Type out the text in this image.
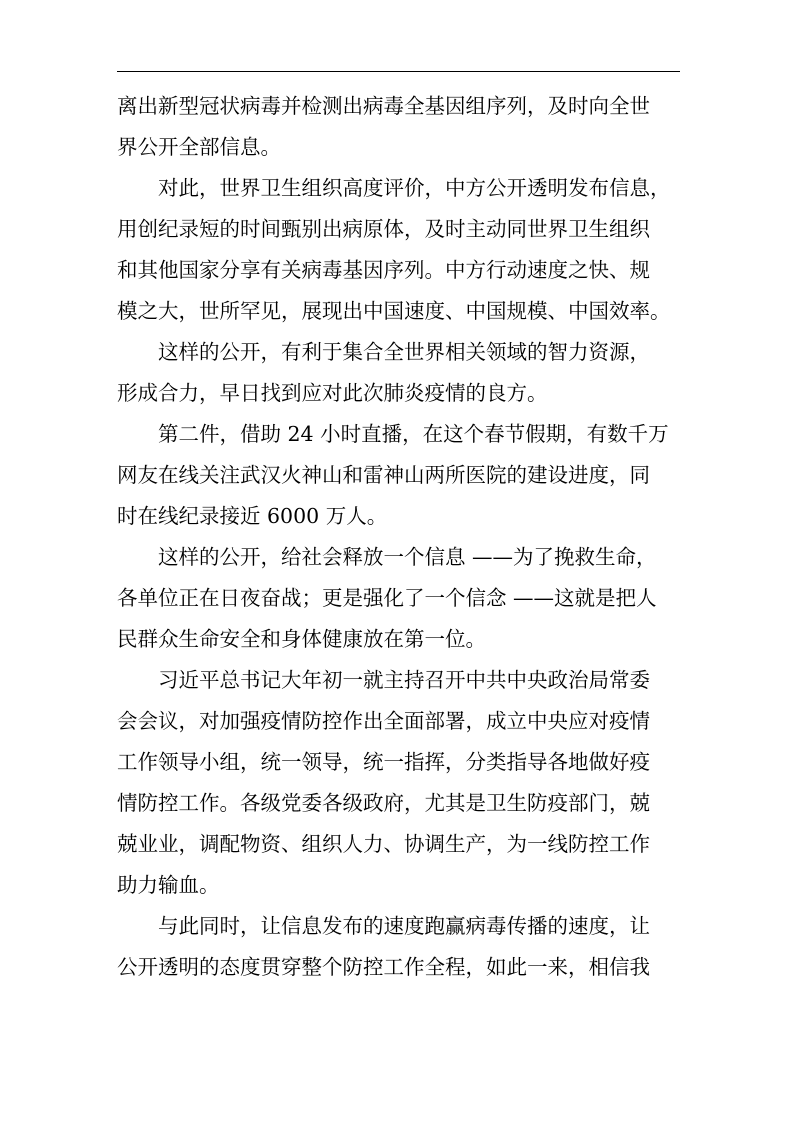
离出新型冠状病毒并检测出病毒全基因组序列，及时向全世
界公开全部信息。
对此，世界卫生组织高度评价，中方公开透明发布信息，
用创纪录短的时间甄别出病原体，及时主动同世界卫生组织
和其他国家分享有关病毒基因序列。中方行动速度之快、规
模之大，世所罕见，展现出中国速度、中国规模、中国效率。
这样的公开，有利于集合全世界相关领域的智力资源，
形成合力，早日找到应对此次肺炎疫情的良方。
第二件，借助 24 小时直播，在这个春节假期，有数千万
网友在线关注武汉火神山和雷神山两所医院的建设进度，同
时在线纪录接近 6000 万人。
这样的公开，给社会释放一个信息 ——为了挽救生命，
各单位正在日夜奋战；更是强化了一个信念 ——这就是把人
民群众生命安全和身体健康放在第一位。
习近平总书记大年初一就主持召开中共中央政治局常委
会会议，对加强疫情防控作出全面部署，成立中央应对疫情
工作领导小组，统一领导，统一指挥，分类指导各地做好疫
情防控工作。各级党委各级政府，尤其是卫生防疫部门，兢
兢业业，调配物资、组织人力、协调生产，为一线防控工作
助力输血。
与此同时，让信息发布的速度跑赢病毒传播的速度，让
公开透明的态度贯穿整个防控工作全程，如此一来，相信我
